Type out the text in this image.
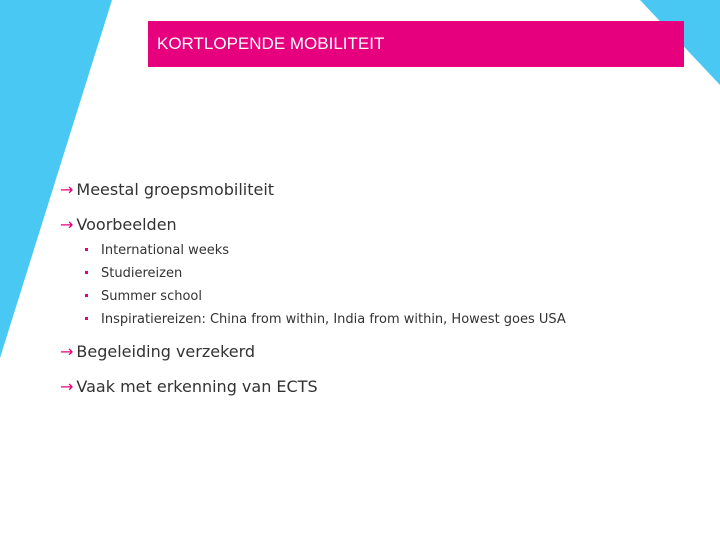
KORTLOPENDE MOBILITEIT
→ Meestal groepsmobiliteit
→ Voorbeelden
International weeks
Studiereizen
Summer school
Inspiratiereizen: China from within, India from within, Howest goes USA
→ Begeleiding verzekerd
→ Vaak met erkenning van ECTS
